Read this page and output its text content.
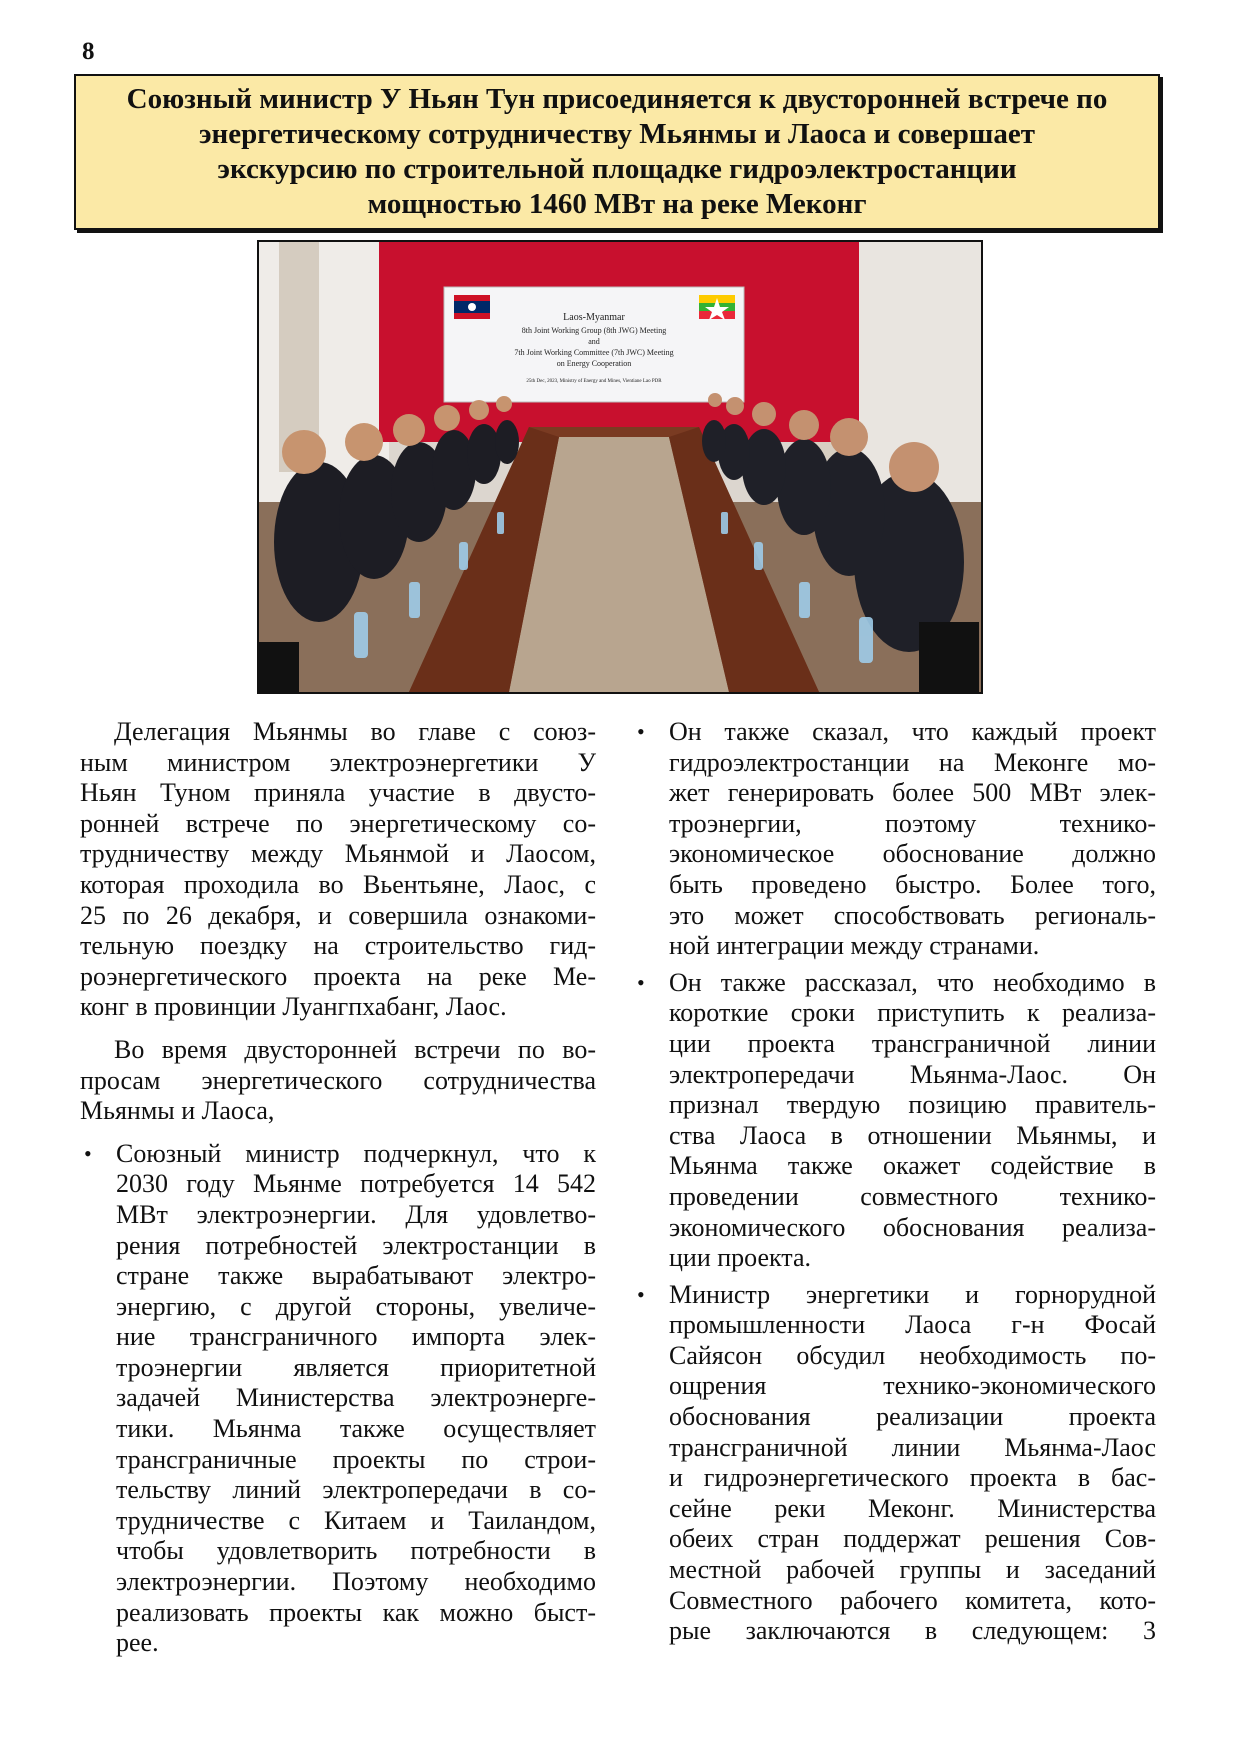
8
Союзный министр У Ньян Тун присоединяется к двусторонней встрече по
энергетическому сотрудничеству Мьянмы и Лаоса и совершает
экскурсию по строительной площадке гидроэлектростанции
мощностью 1460 МВт на реке Меконг
Laos-Myanmar
8th Joint Working Group (8th JWG) Meeting
and
7th Joint Working Committee (7th JWC) Meeting
on Energy Cooperation
25th Dec, 2023, Ministry of Energy and Mines, Vientiane Lao PDR
Делегация Мьянмы во главе с союз-
ным министром электроэнергетики У
Ньян Туном приняла участие в двусто-
ронней встрече по энергетическому со-
трудничеству между Мьянмой и Лаосом,
которая проходила во Вьентьяне, Лаос, с
25 по 26 декабря, и совершила ознакоми-
тельную поездку на строительство гид-
роэнергетического проекта на реке Ме-
конг в провинции Луангпхабанг, Лаос.
Во время двусторонней встречи по во-
просам энергетического сотрудничества
Мьянмы и Лаоса,
• Союзный министр подчеркнул, что к
2030 году Мьянме потребуется 14 542
МВт электроэнергии. Для удовлетво-
рения потребностей электростанции в
стране также вырабатывают электро-
энергию, с другой стороны, увеличе-
ние трансграничного импорта элек-
троэнергии является приоритетной
задачей Министерства электроэнерге-
тики. Мьянма также осуществляет
трансграничные проекты по строи-
тельству линий электропередачи в со-
трудничестве с Китаем и Таиландом,
чтобы удовлетворить потребности в
электроэнергии. Поэтому необходимо
реализовать проекты как можно быст-
рее.
• Он также сказал, что каждый проект
гидроэлектростанции на Меконге мо-
жет генерировать более 500 МВт элек-
троэнергии, поэтому технико-
экономическое обоснование должно
быть проведено быстро. Более того,
это может способствовать региональ-
ной интеграции между странами.
• Он также рассказал, что необходимо в
короткие сроки приступить к реализа-
ции проекта трансграничной линии
электропередачи Мьянма-Лаос. Он
признал твердую позицию правитель-
ства Лаоса в отношении Мьянмы, и
Мьянма также окажет содействие в
проведении совместного технико-
экономического обоснования реализа-
ции проекта.
• Министр энергетики и горнорудной
промышленности Лаоса г-н Фосай
Сайясон обсудил необходимость по-
ощрения технико-экономического
обоснования реализации проекта
трансграничной линии Мьянма-Лаос
и гидроэнергетического проекта в бас-
сейне реки Меконг. Министерства
обеих стран поддержат решения Сов-
местной рабочей группы и заседаний
Совместного рабочего комитета, кото-
рые заключаются в следующем: 3
